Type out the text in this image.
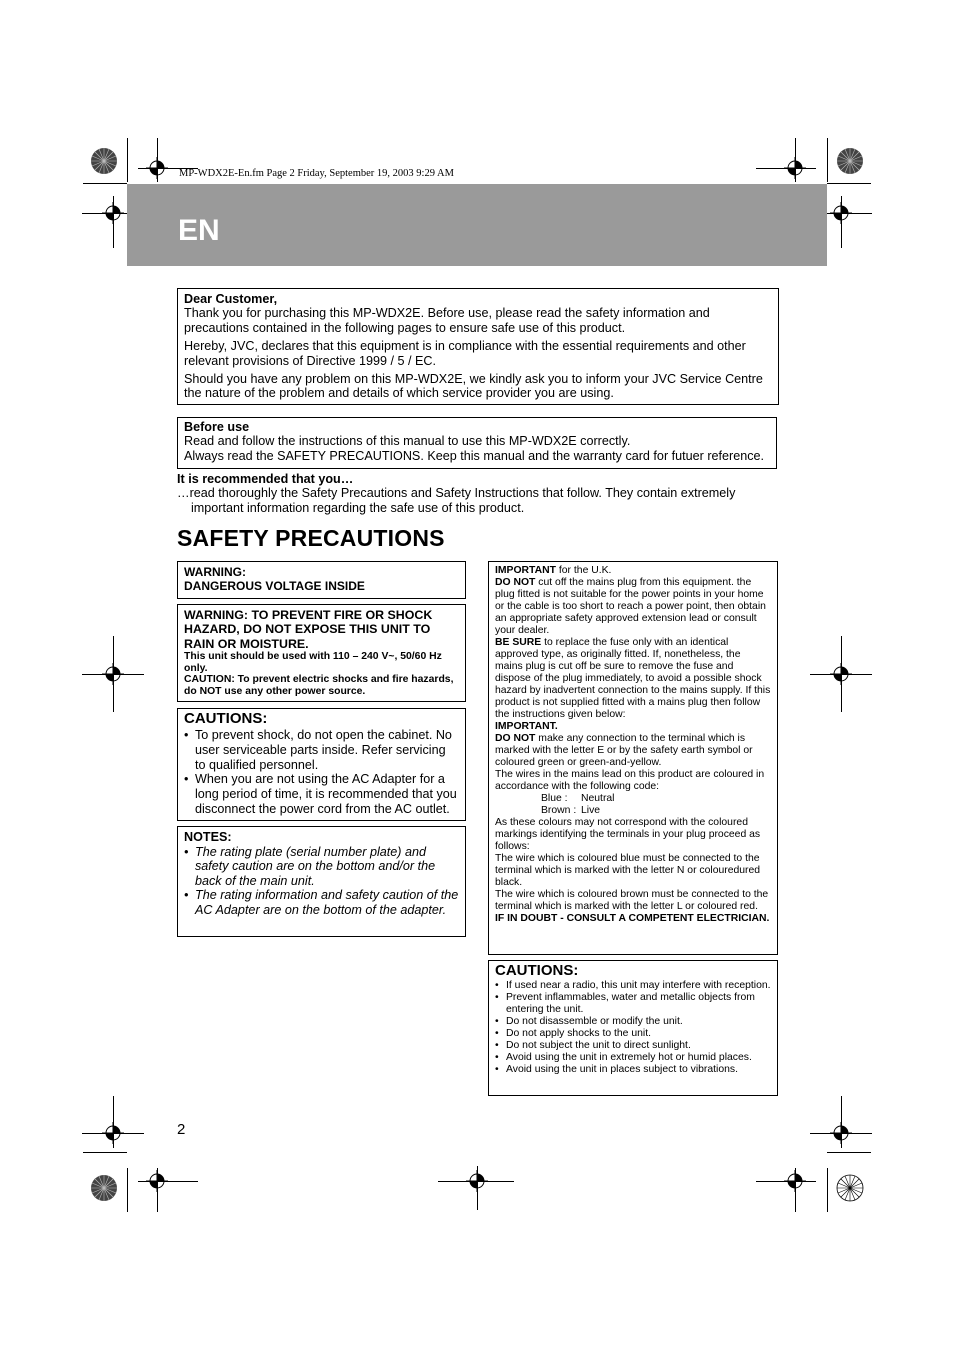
MP-WDX2E-En.fm Page 2 Friday, September 19, 2003 9:29 AM
EN

Dear Customer,

Thank you for purchasing this MP-WDX2E. Before use, please read the safety information and precautions contained in the following pages to ensure safe use of this product.

Hereby, JVC, declares that this equipment is in compliance with the essential requirements and other relevant provisions of Directive 1999 / 5 / EC.

Should you have any problem on this MP-WDX2E, we kindly ask you to inform your JVC Service Centre the nature of the problem and details of which service provider you are using.

Before use

Read and follow the instructions of this manual to use this MP-WDX2E correctly.

Always read the SAFETY PRECAUTIONS. Keep this manual and the warranty card for futuer reference.

It is recommended that you…

…read thoroughly the Safety Precautions and Safety Instructions that follow. They contain extremely important information regarding the safe use of this product.

SAFETY PRECAUTIONS
WARNING:
DANGEROUS VOLTAGE INSIDE
WARNING: TO PREVENT FIRE OR SHOCK HAZARD, DO NOT EXPOSE THIS UNIT TO RAIN OR MOISTURE.
This unit should be used with 110 – 240 V~, 50/60 Hz only.
CAUTION: To prevent electric shocks and fire hazards, do NOT use any other power source.
CAUTIONS:
• To prevent shock, do not open the cabinet. No user serviceable parts inside. Refer servicing to qualified personnel.
• When you are not using the AC Adapter for a long period of time, it is recommended that you disconnect the power cord from the AC outlet.
NOTES:
• The rating plate (serial number plate) and safety caution are on the bottom and/or the back of the main unit.
• The rating information and safety caution of the AC Adapter are on the bottom of the adapter.
IMPORTANT for the U.K.
DO NOT cut off the mains plug from this equipment. the plug fitted is not suitable for the power points in your home or the cable is too short to reach a power point, then obtain an appropriate safety approved extension lead or consult your dealer.
BE SURE to replace the fuse only with an identical approved type, as originally fitted. If, nonetheless, the mains plug is cut off be sure to remove the fuse and dispose of the plug immediately, to avoid a possible shock hazard by inadvertent connection to the mains supply. If this product is not supplied fitted with a mains plug then follow the instructions given below:
IMPORTANT.
DO NOT make any connection to the terminal which is marked with the letter E or by the safety earth symbol or coloured green or green-and-yellow.
The wires in the mains lead on this product are coloured in accordance with the following code:
Blue : Neutral
Brown : Live
As these colours may not correspond with the coloured markings identifying the terminals in your plug proceed as follows:
The wire which is coloured blue must be connected to the terminal which is marked with the letter N or colouredured black.
The wire which is coloured brown must be connected to the terminal which is marked with the letter L or coloured red.
IF IN DOUBT - CONSULT A COMPETENT ELECTRICIAN.
CAUTIONS:
• If used near a radio, this unit may interfere with reception.
• Prevent inflammables, water and metallic objects from entering the unit.
• Do not disassemble or modify the unit.
• Do not apply shocks to the unit.
• Do not subject the unit to direct sunlight.
• Avoid using the unit in extremely hot or humid places.
• Avoid using the unit in places subject to vibrations.
2
